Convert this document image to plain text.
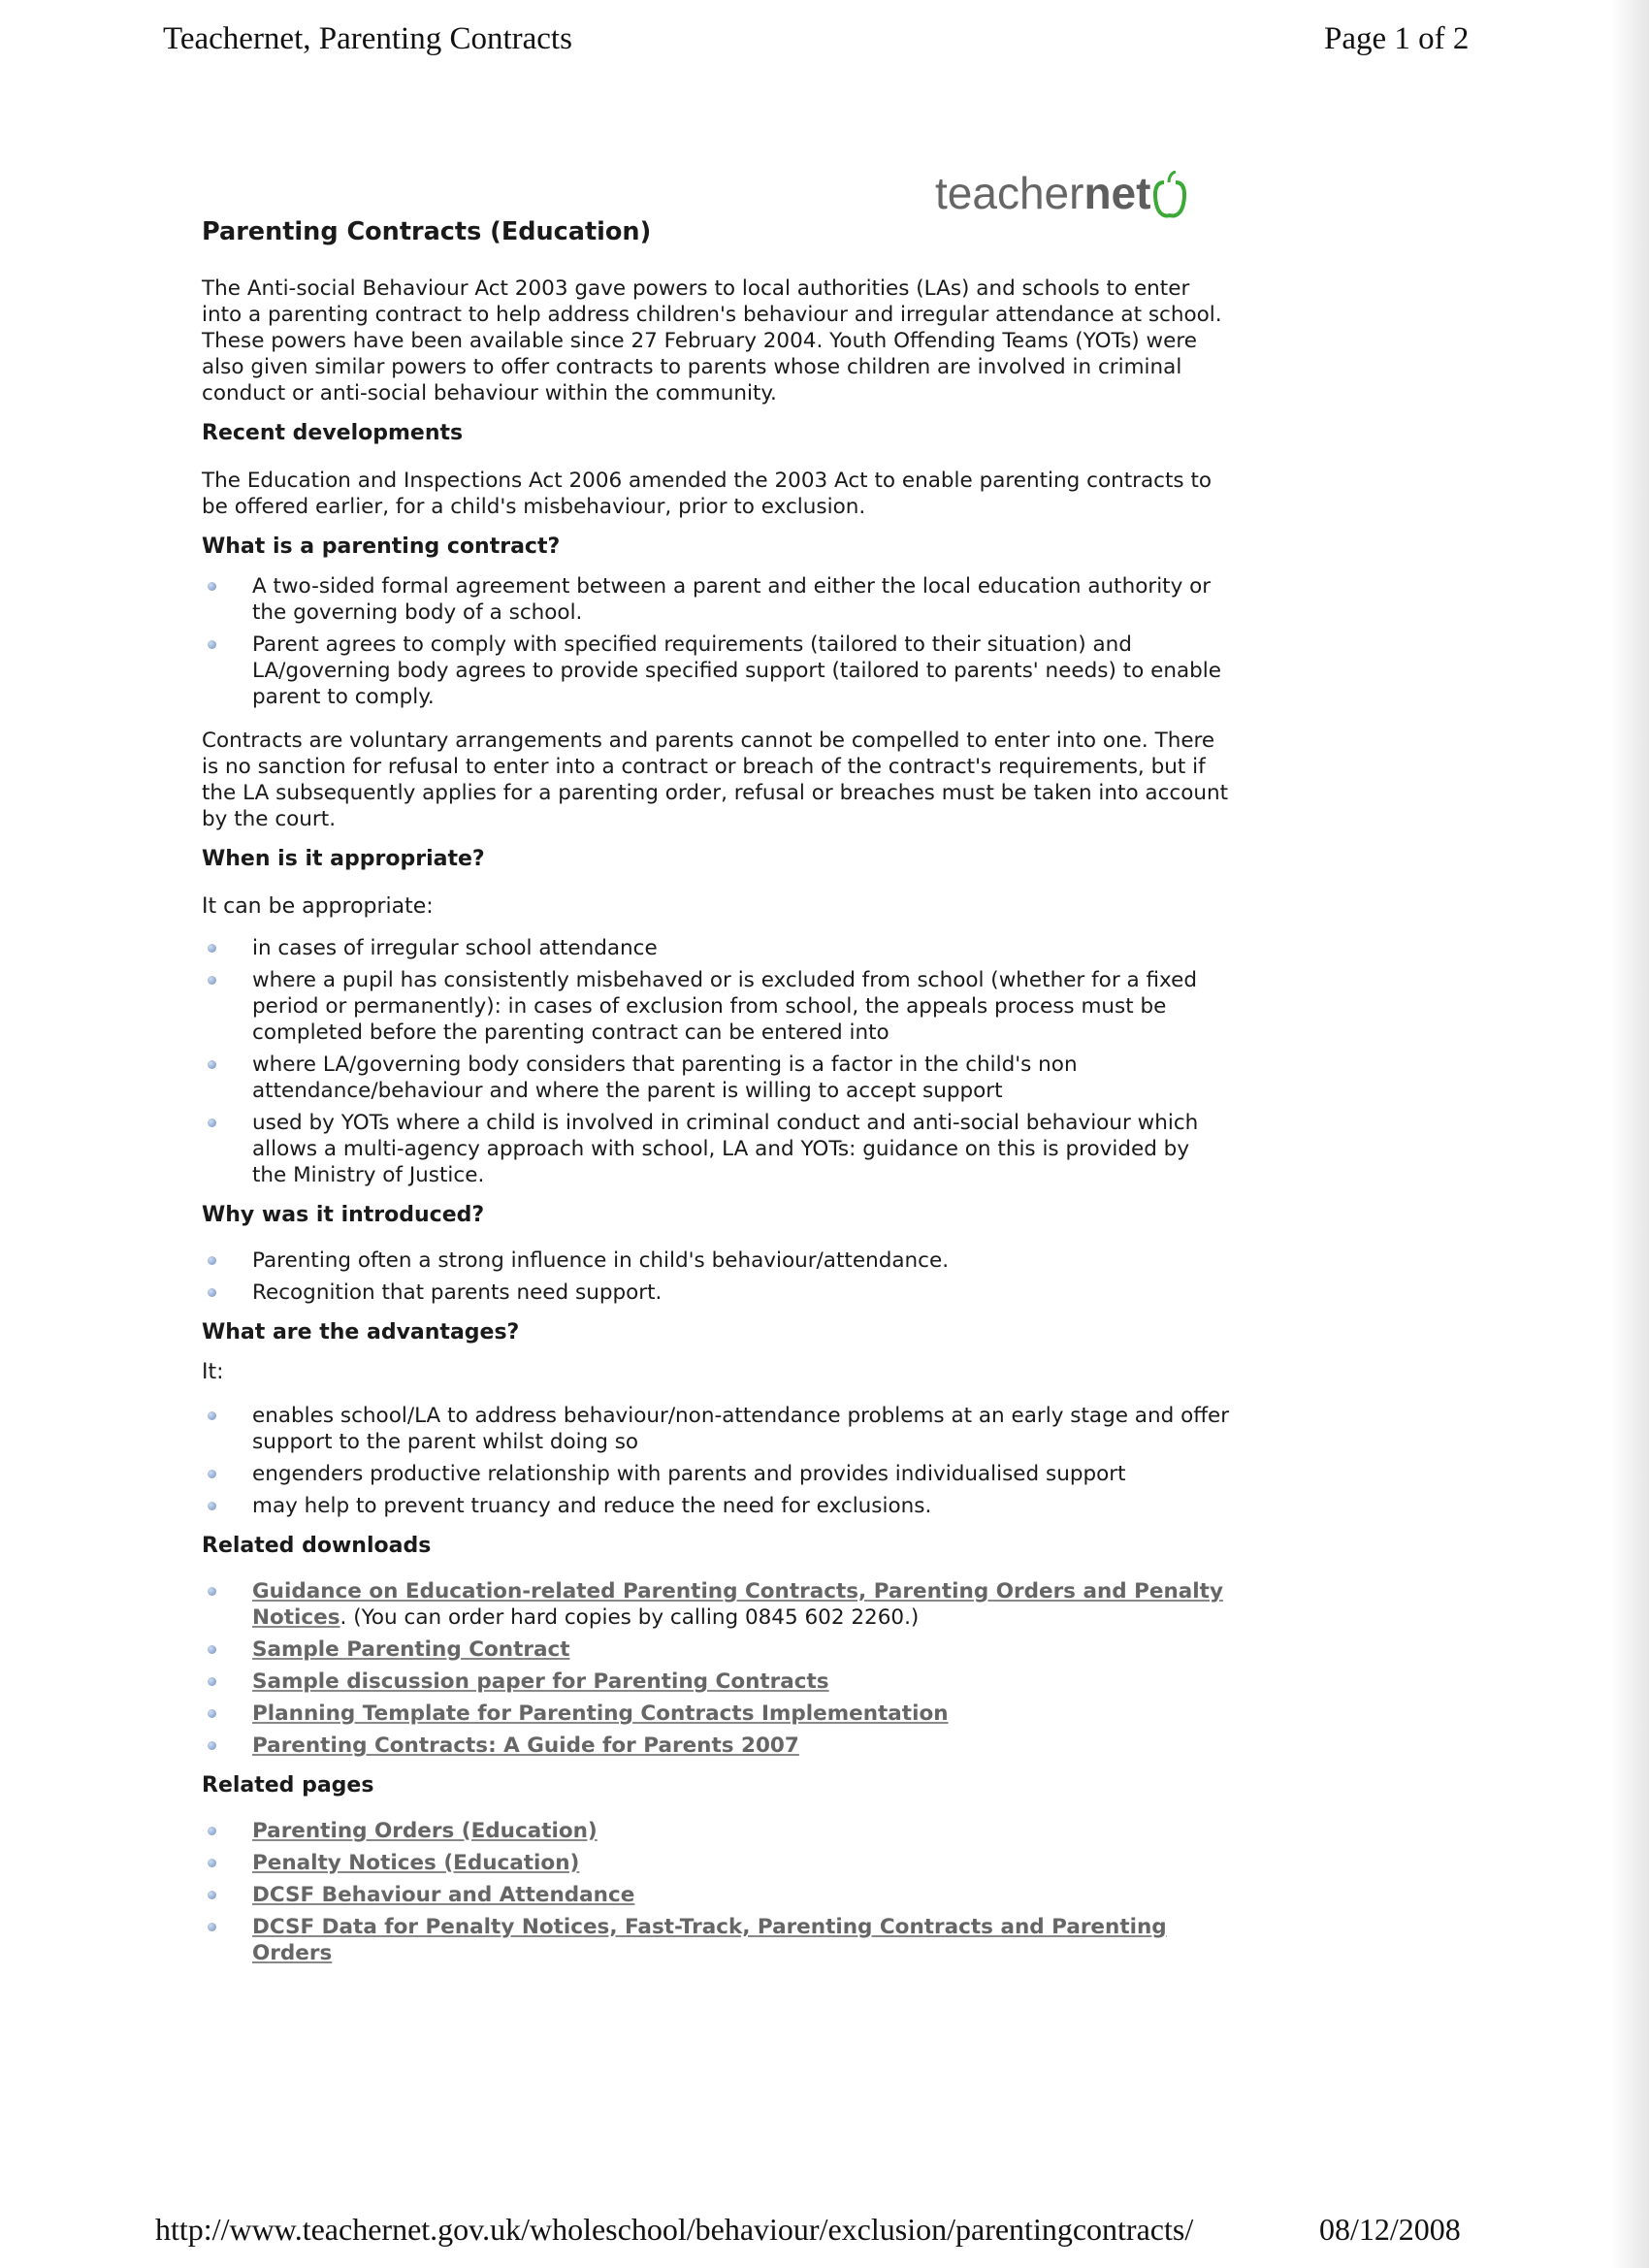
Teachernet, Parenting Contracts	Page 1 of 2
teachernet
Parenting Contracts (Education)

The Anti-social Behaviour Act 2003 gave powers to local authorities (LAs) and schools to enter into a parenting contract to help address children's behaviour and irregular attendance at school. These powers have been available since 27 February 2004. Youth Offending Teams (YOTs) were also given similar powers to offer contracts to parents whose children are involved in criminal conduct or anti-social behaviour within the community.

Recent developments

The Education and Inspections Act 2006 amended the 2003 Act to enable parenting contracts to be offered earlier, for a child's misbehaviour, prior to exclusion.

What is a parenting contract?
A two-sided formal agreement between a parent and either the local education authority or the governing body of a school.
Parent agrees to comply with specified requirements (tailored to their situation) and LA/governing body agrees to provide specified support (tailored to parents' needs) to enable parent to comply.

Contracts are voluntary arrangements and parents cannot be compelled to enter into one. There is no sanction for refusal to enter into a contract or breach of the contract's requirements, but if the LA subsequently applies for a parenting order, refusal or breaches must be taken into account by the court.

When is it appropriate?

It can be appropriate:

in cases of irregular school attendance
where a pupil has consistently misbehaved or is excluded from school (whether for a fixed period or permanently): in cases of exclusion from school, the appeals process must be completed before the parenting contract can be entered into
where LA/governing body considers that parenting is a factor in the child's non attendance/behaviour and where the parent is willing to accept support
used by YOTs where a child is involved in criminal conduct and anti-social behaviour which allows a multi-agency approach with school, LA and YOTs: guidance on this is provided by the Ministry of Justice.
Why was it introduced?
Parenting often a strong influence in child's behaviour/attendance.
Recognition that parents need support.
What are the advantages?

It:

enables school/LA to address behaviour/non-attendance problems at an early stage and offer support to the parent whilst doing so
engenders productive relationship with parents and provides individualised support
may help to prevent truancy and reduce the need for exclusions.
Related downloads
Guidance on Education-related Parenting Contracts, Parenting Orders and Penalty Notices. (You can order hard copies by calling 0845 602 2260.)
Sample Parenting Contract
Sample discussion paper for Parenting Contracts
Planning Template for Parenting Contracts Implementation
Parenting Contracts: A Guide for Parents 2007
Related pages
Parenting Orders (Education)
Penalty Notices (Education)
DCSF Behaviour and Attendance
DCSF Data for Penalty Notices, Fast-Track, Parenting Contracts and Parenting Orders
http://www.teachernet.gov.uk/wholeschool/behaviour/exclusion/parentingcontracts/	08/12/2008
